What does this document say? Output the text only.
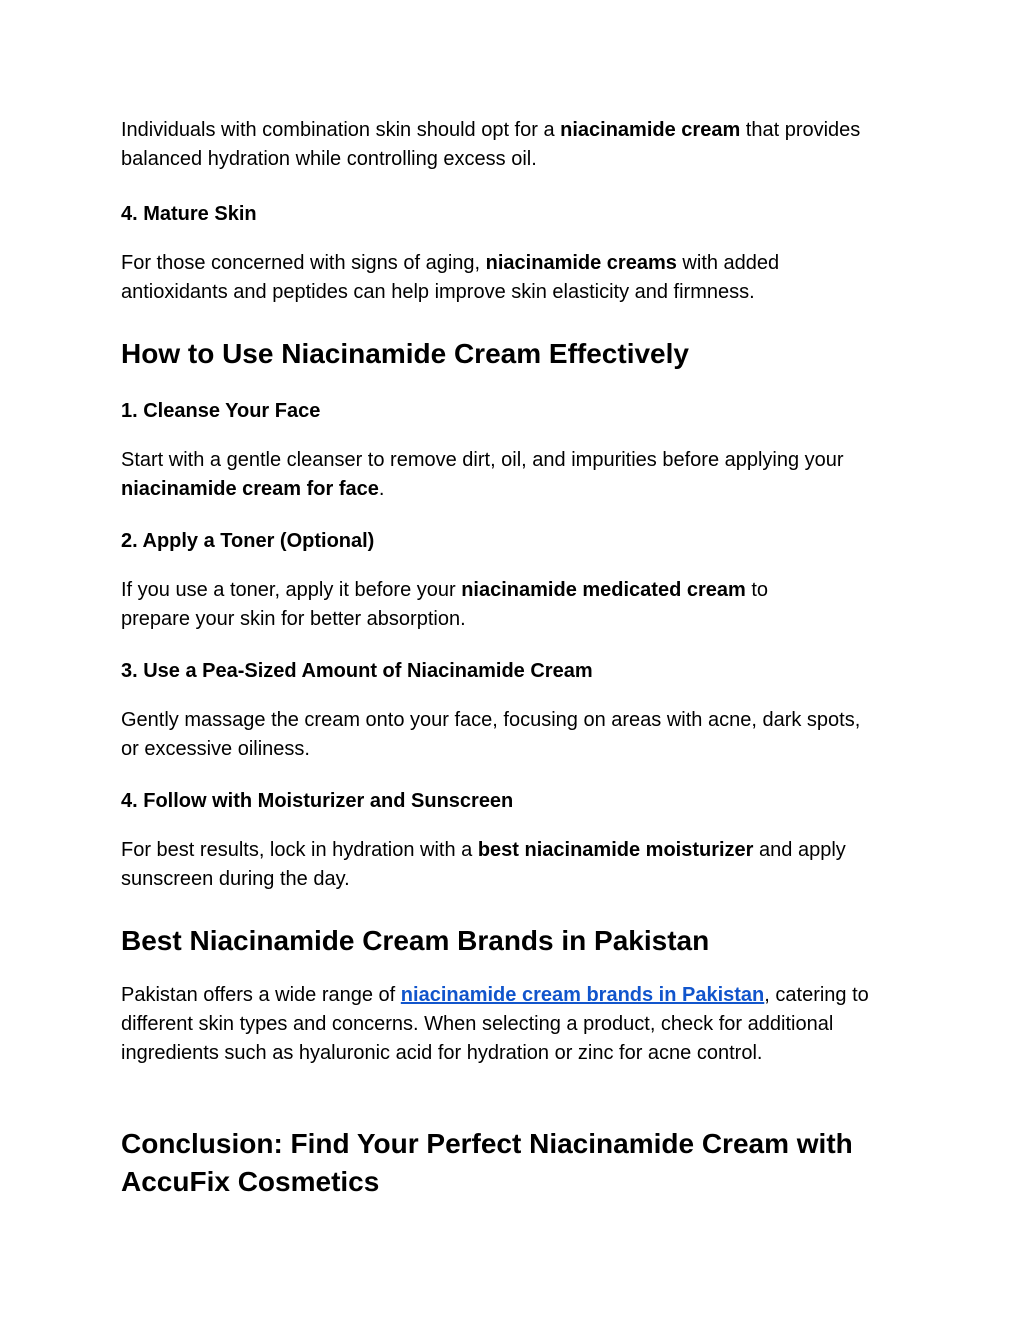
Individuals with combination skin should opt for a niacinamide cream that provides balanced hydration while controlling excess oil.

4. Mature Skin

For those concerned with signs of aging, niacinamide creams with added antioxidants and peptides can help improve skin elasticity and firmness.

How to Use Niacinamide Cream Effectively
1. Cleanse Your Face

Start with a gentle cleanser to remove dirt, oil, and impurities before applying your niacinamide cream for face.

2. Apply a Toner (Optional)

If you use a toner, apply it before your niacinamide medicated cream to prepare your skin for better absorption.

3. Use a Pea-Sized Amount of Niacinamide Cream

Gently massage the cream onto your face, focusing on areas with acne, dark spots, or excessive oiliness.

4. Follow with Moisturizer and Sunscreen

For best results, lock in hydration with a best niacinamide moisturizer and apply sunscreen during the day.

Best Niacinamide Cream Brands in Pakistan

Pakistan offers a wide range of niacinamide cream brands in Pakistan, catering to different skin types and concerns. When selecting a product, check for additional ingredients such as hyaluronic acid for hydration or zinc for acne control.

Conclusion: Find Your Perfect Niacinamide Cream with AccuFix Cosmetics
